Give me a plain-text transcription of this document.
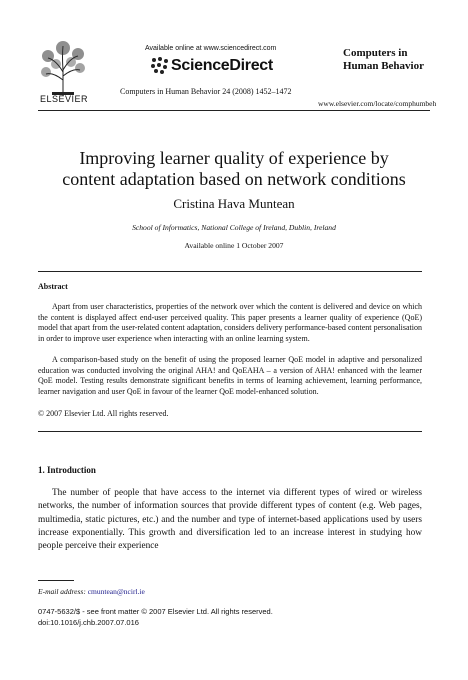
ELSEVIER
Available online at www.sciencedirect.com
ScienceDirect
Computers in Human Behavior 24 (2008) 1452–1472
Computers in
Human Behavior
www.elsevier.com/locate/comphumbeh
Improving learner quality of experience by
content adaptation based on network conditions
Cristina Hava Muntean
School of Informatics, National College of Ireland, Dublin, Ireland
Available online 1 October 2007
Abstract
Apart from user characteristics, properties of the network over which the content is delivered and device on which the content is displayed affect end-user perceived quality. This paper presents a learner quality of experience (QoE) model that apart from the user-related content adaptation, considers delivery performance-based content personalisation in order to improve user experience when interacting with an online learning system.
A comparison-based study on the benefit of using the proposed learner QoE model in adaptive and personalized education was conducted involving the original AHA! and QoEAHA – a version of AHA! enhanced with the learner QoE model. Testing results demonstrate significant benefits in terms of learning achievement, learning performance, learner navigation and user QoE in favour of the learner QoE model-enhanced solution.
© 2007 Elsevier Ltd. All rights reserved.
1. Introduction
The number of people that have access to the internet via different types of wired or wireless networks, the number of information sources that provide different types of content (e.g. Web pages, multimedia, static pictures, etc.) and the number and type of internet-based applications used by users increase exponentially. This growth and diversification led to an increase interest in studying how people perceive their experience
E-mail address: cmuntean@ncirl.ie
0747-5632/$ - see front matter © 2007 Elsevier Ltd. All rights reserved.
doi:10.1016/j.chb.2007.07.016
